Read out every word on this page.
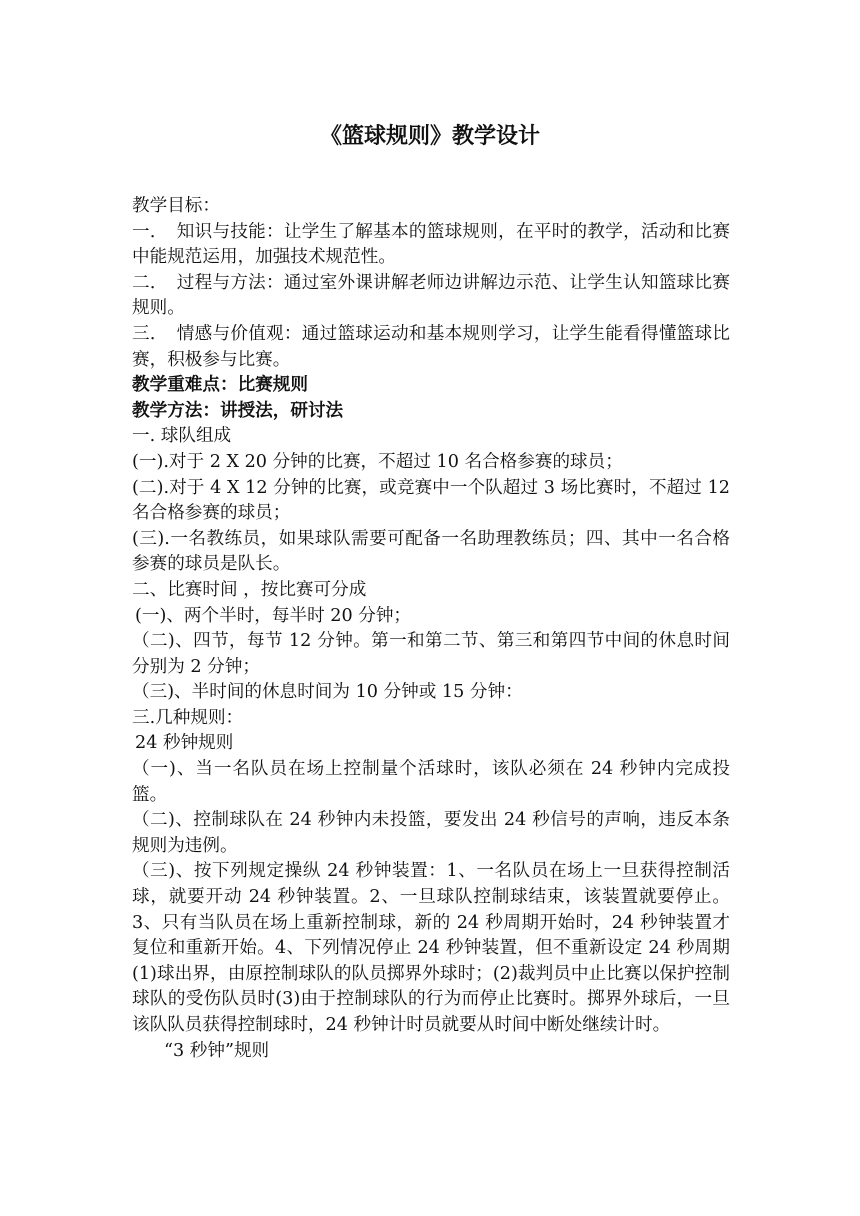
《篮球规则》教学设计

教学目标：

一．　知识与技能：让学生了解基本的篮球规则，在平时的教学，活动和比赛中能规范运用，加强技术规范性。

二．　过程与方法：通过室外课讲解老师边讲解边示范、让学生认知篮球比赛规则。

三．　情感与价值观：通过篮球运动和基本规则学习，让学生能看得懂篮球比赛，积极参与比赛。

教学重难点：比赛规则

教学方法：讲授法，研讨法

一. 球队组成

(一).对于 2 X 20 分钟的比赛，不超过 10 名合格参赛的球员；

(二).对于 4 X 12 分钟的比赛，或竞赛中一个队超过 3 场比赛时，不超过 12 名合格参赛的球员；

(三).一名教练员，如果球队需要可配备一名助理教练员；四、其中一名合格参赛的球员是队长。

二、比赛时间 ，按比赛可分成

(一)、两个半时，每半时 20 分钟；

（二)、四节，每节 12 分钟。第一和第二节、第三和第四节中间的休息时间分别为 2 分钟；

（三)、半时间的休息时间为 10 分钟或 15 分钟：

三.几种规则：

24 秒钟规则

（一)、当一名队员在场上控制量个活球时，该队必须在 24 秒钟内完成投篮。

（二)、控制球队在 24 秒钟内未投篮，要发出 24 秒信号的声响，违反本条规则为违例。

（三)、按下列规定操纵 24 秒钟装置：1、一名队员在场上一旦获得控制活球，就要开动 24 秒钟装置。2、一旦球队控制球结束，该装置就要停止。3、只有当队员在场上重新控制球，新的 24 秒周期开始时，24 秒钟装置才复位和重新开始。4、下列情况停止 24 秒钟装置，但不重新设定 24 秒周期(1)球出界，由原控制球队的队员掷界外球时；(2)裁判员中止比赛以保护控制球队的受伤队员时(3)由于控制球队的行为而停止比赛时。掷界外球后，一旦该队队员获得控制球时，24 秒钟计时员就要从时间中断处继续计时。

“3 秒钟”规则
